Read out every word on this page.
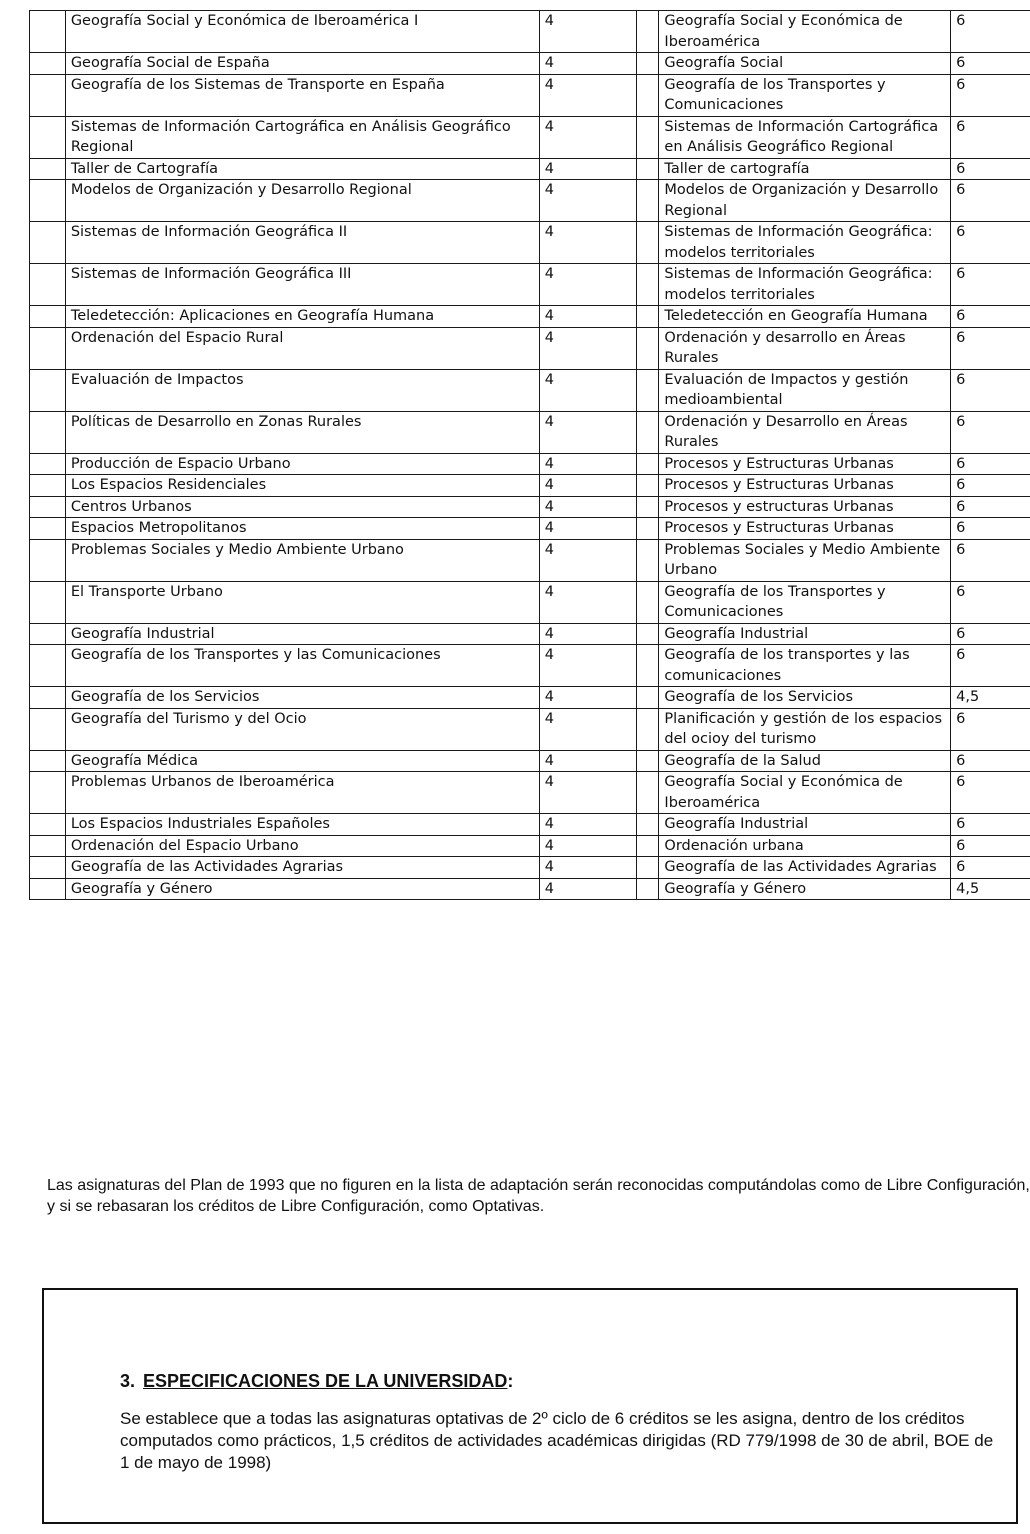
	Geografía Social y Económica de Iberoamérica I	4		Geografía Social y Económica de Iberoamérica	6
	Geografía Social de España	4		Geografía Social	6
	Geografía de los Sistemas de Transporte en España	4		Geografía de los Transportes y Comunicaciones	6
	Sistemas de Información Cartográfica en Análisis Geográfico Regional	4		Sistemas de Información Cartográfica en Análisis Geográfico Regional	6
	Taller de Cartografía	4		Taller de cartografía	6
	Modelos de Organización y Desarrollo Regional	4		Modelos de Organización y Desarrollo Regional	6
	Sistemas de Información Geográfica II	4		Sistemas de Información Geográfica: modelos territoriales	6
	Sistemas de Información Geográfica III	4		Sistemas de Información Geográfica: modelos territoriales	6
	Teledetección: Aplicaciones en Geografía Humana	4		Teledetección en Geografía Humana	6
	Ordenación del Espacio Rural	4		Ordenación y desarrollo en Áreas Rurales	6
	Evaluación de Impactos	4		Evaluación de Impactos y gestión medioambiental	6
	Políticas de Desarrollo en Zonas Rurales	4		Ordenación y Desarrollo en Áreas Rurales	6
	Producción de Espacio Urbano	4		Procesos y Estructuras Urbanas	6
	Los Espacios Residenciales	4		Procesos y Estructuras Urbanas	6
	Centros Urbanos	4		Procesos y estructuras Urbanas	6
	Espacios Metropolitanos	4		Procesos y Estructuras Urbanas	6
	Problemas Sociales y Medio Ambiente Urbano	4		Problemas Sociales y Medio Ambiente Urbano	6
	El Transporte Urbano	4		Geografía de los Transportes y Comunicaciones	6
	Geografía Industrial	4		Geografía Industrial	6
	Geografía de los Transportes y las Comunicaciones	4		Geografía de los transportes y las comunicaciones	6
	Geografía de los Servicios	4		Geografía de los Servicios	4,5
	Geografía del Turismo y del Ocio	4		Planificación y gestión de los espacios del ocioy del turismo	6
	Geografía Médica	4		Geografía de la Salud	6
	Problemas Urbanos de Iberoamérica	4		Geografía Social y Económica de Iberoamérica	6
	Los Espacios Industriales Españoles	4		Geografía Industrial	6
	Ordenación del Espacio Urbano	4		Ordenación urbana	6
	Geografía de las Actividades Agrarias	4		Geografía de las Actividades Agrarias	6
	Geografía y Género	4		Geografía y Género	4,5

Las asignaturas del Plan de 1993 que no figuren en la lista de adaptación serán reconocidas computándolas como de Libre Configuración, y si se rebasaran los créditos de Libre Configuración, como Optativas.

3. ESPECIFICACIONES DE LA UNIVERSIDAD:

Se establece que a todas las asignaturas optativas de 2º ciclo de 6 créditos se les asigna, dentro de los créditos computados como prácticos, 1,5 créditos de actividades académicas dirigidas (RD 779/1998 de 30 de abril, BOE de 1 de mayo de 1998)
